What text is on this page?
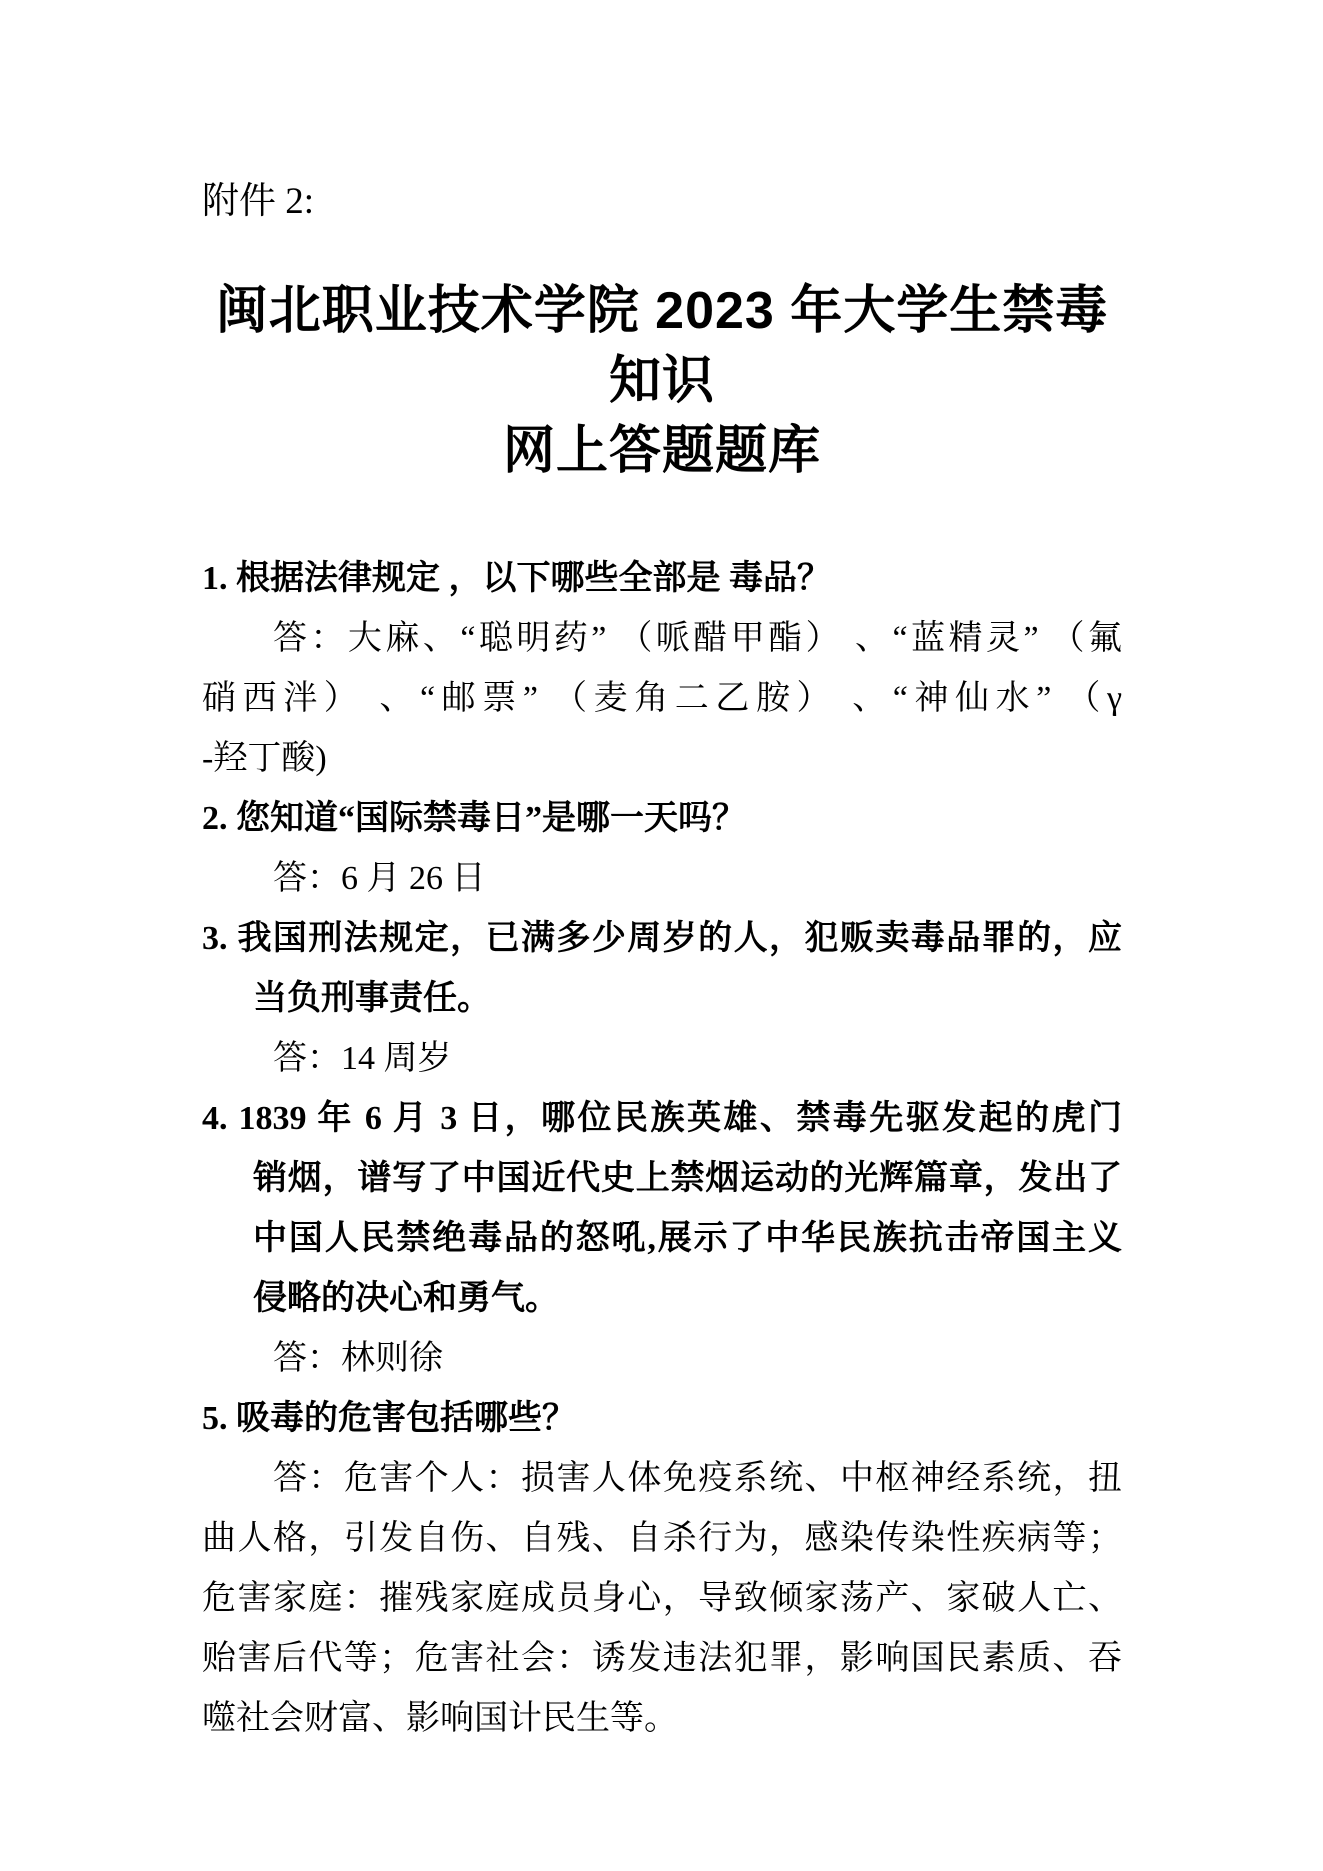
附件 2:
闽北职业技术学院 2023 年大学生禁毒知识
网上答题题库
1. 根据法律规定 ，以下哪些全部是 毒品？
答：大麻、“聪明药” （哌醋甲酯） 、“蓝精灵” （氟
硝西泮） 、“邮票” （麦角二乙胺） 、“神仙水” （γ
-羟丁酸)
2. 您知道“国际禁毒日”是哪一天吗？
答：6 月 26 日
3. 我国刑法规定，已满多少周岁的人，犯贩卖毒品罪的，应
当负刑事责任。
答：14 周岁
4. 1839 年 6 月 3 日，哪位民族英雄、禁毒先驱发起的虎门
销烟，谱写了中国近代史上禁烟运动的光辉篇章，发出了
中国人民禁绝毒品的怒吼,展示了中华民族抗击帝国主义
侵略的决心和勇气。
答：林则徐
5. 吸毒的危害包括哪些？
答：危害个人：损害人体免疫系统、中枢神经系统，扭
曲人格，引发自伤、自残、自杀行为，感染传染性疾病等；
危害家庭：摧残家庭成员身心，导致倾家荡产、家破人亡、
贻害后代等；危害社会：诱发违法犯罪，影响国民素质、吞
噬社会财富、影响国计民生等。
